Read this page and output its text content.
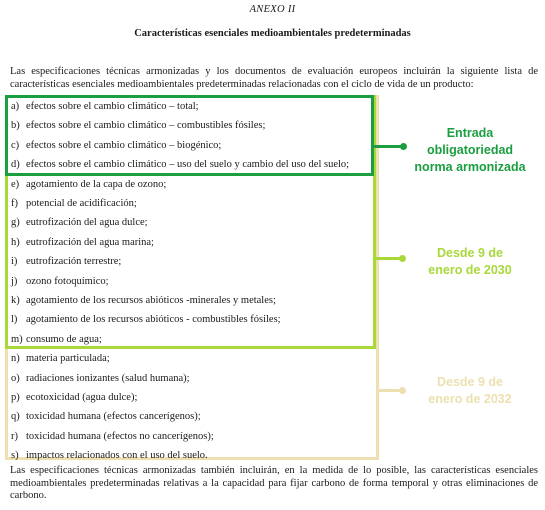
ANEXO II
Características esenciales medioambientales predeterminadas
Las especificaciones técnicas armonizadas y los documentos de evaluación europeos incluirán la siguiente lista de características esenciales medioambientales predeterminadas relacionadas con el ciclo de vida de un producto:
a) efectos sobre el cambio climático – total;
b) efectos sobre el cambio climático – combustibles fósiles;
c) efectos sobre el cambio climático – biogénico;
d) efectos sobre el cambio climático – uso del suelo y cambio del uso del suelo;
e) agotamiento de la capa de ozono;
f) potencial de acidificación;
g) eutrofización del agua dulce;
h) eutrofización del agua marina;
i) eutrofización terrestre;
j) ozono fotoquímico;
k) agotamiento de los recursos abióticos -minerales y metales;
l) agotamiento de los recursos abióticos - combustibles fósiles;
m) consumo de agua;
n) materia particulada;
o) radiaciones ionizantes (salud humana);
p) ecotoxicidad (agua dulce);
q) toxicidad humana (efectos cancerígenos);
r) toxicidad humana (efectos no cancerígenos);
s) impactos relacionados con el uso del suelo.
Entrada
obligatoriedad
norma armonizada
Desde 9 de
enero de 2030
Desde 9 de
enero de 2032
Las especificaciones técnicas armonizadas también incluirán, en la medida de lo posible, las características esenciales medioambientales predeterminadas relativas a la capacidad para fijar carbono de forma temporal y otras eliminaciones de carbono.
